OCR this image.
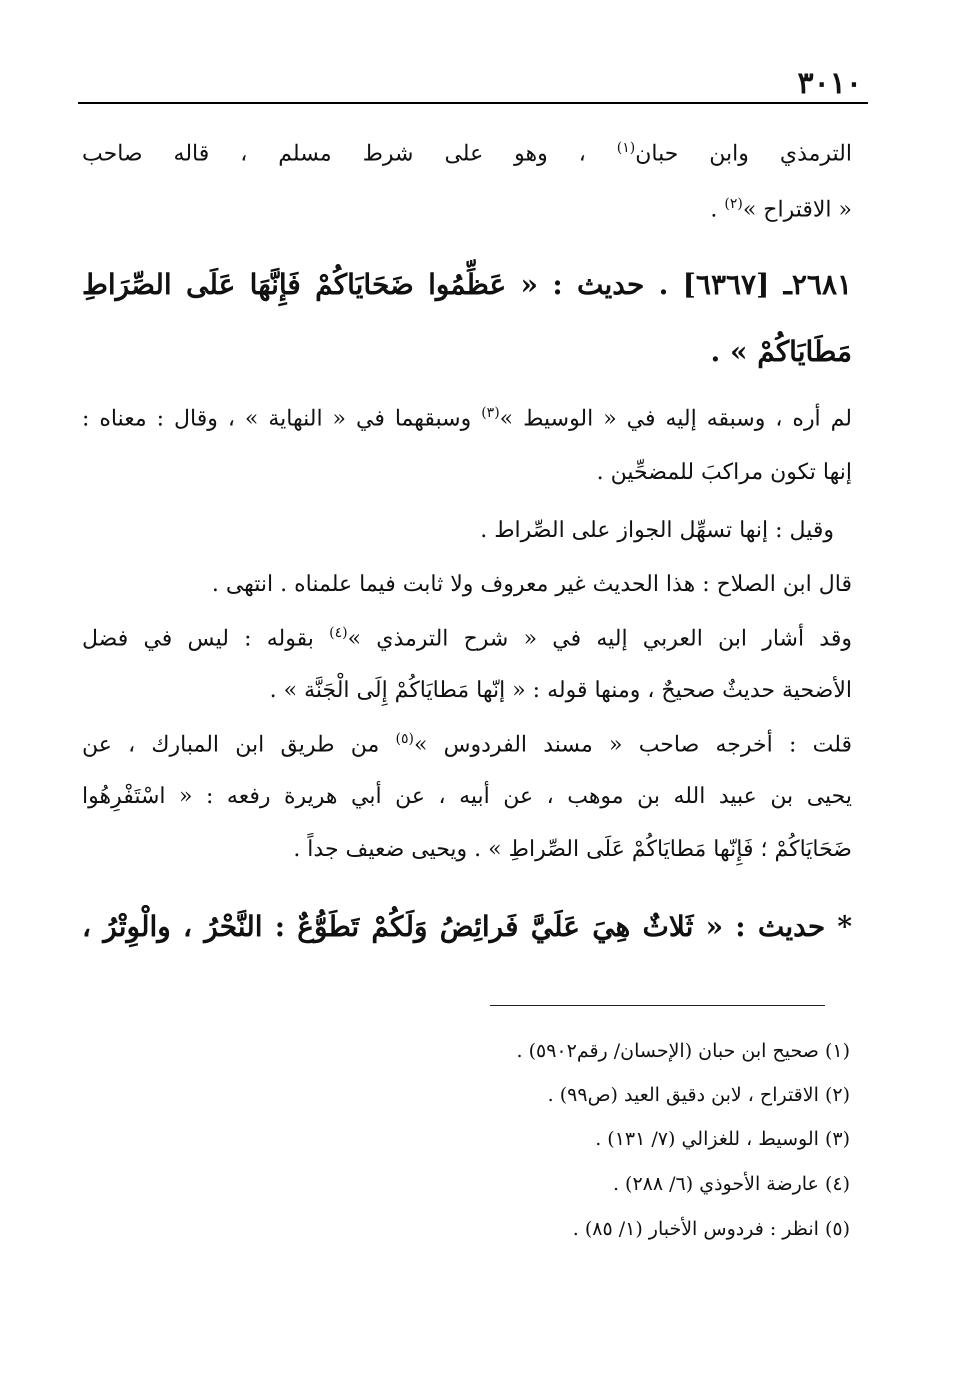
٣٠١٠
الترمذي وابن حبان$^{(١)}$ ، وهو على شرط مسلم ، قاله صاحب
« الاقتراح »$^{(٢)}$ .
٢٦٨١ـ [٦٣٦٧] . حديث : « عَظِّمُوا ضَحَايَاكُمْ فَإِنَّهَا عَلَى الصِّرَاطِ
مَطَايَاكُمْ » .
لم أره ، وسبقه إليه في « الوسيط »$^{(٣)}$ وسبقهما في « النهاية » ، وقال : معناه :
إنها تكون مراكبَ للمضحِّين .
وقيل : إنها تسهِّل الجواز على الصِّراط .
قال ابن الصلاح : هذا الحديث غير معروف ولا ثابت فيما علمناه . انتهى .
وقد أشار ابن العربي إليه في « شرح الترمذي »$^{(٤)}$ بقوله : ليس في فضل
الأضحية حديثٌ صحيحٌ ، ومنها قوله : « إنّها مَطايَاكُمْ إِلَى الْجَنَّة » .
قلت : أخرجه صاحب « مسند الفردوس »$^{(٥)}$ من طريق ابن المبارك ، عن
يحيى بن عبيد الله بن موهب ، عن أبيه ، عن أبي هريرة رفعه : « اسْتَفْرِهُوا
ضَحَايَاكُمْ ؛ فَإِنّها مَطايَاكُمْ عَلَى الصِّراطِ » . ويحيى ضعيف جداً .
* حديث : « ثَلاثٌ هِيَ عَلَيَّ فَرائِضُ وَلَكُمْ تَطَوُّعٌ : النَّحْرُ ، والْوِتْرُ ،
(١) صحيح ابن حبان (الإحسان/ رقم٥٩٠٢) .
(٢) الاقتراح ، لابن دقيق العيد (ص٩٩) .
(٣) الوسيط ، للغزالي (٧/ ١٣١) .
(٤) عارضة الأحوذي (٦/ ٢٨٨) .
(٥) انظر : فردوس الأخبار (١/ ٨٥) .
